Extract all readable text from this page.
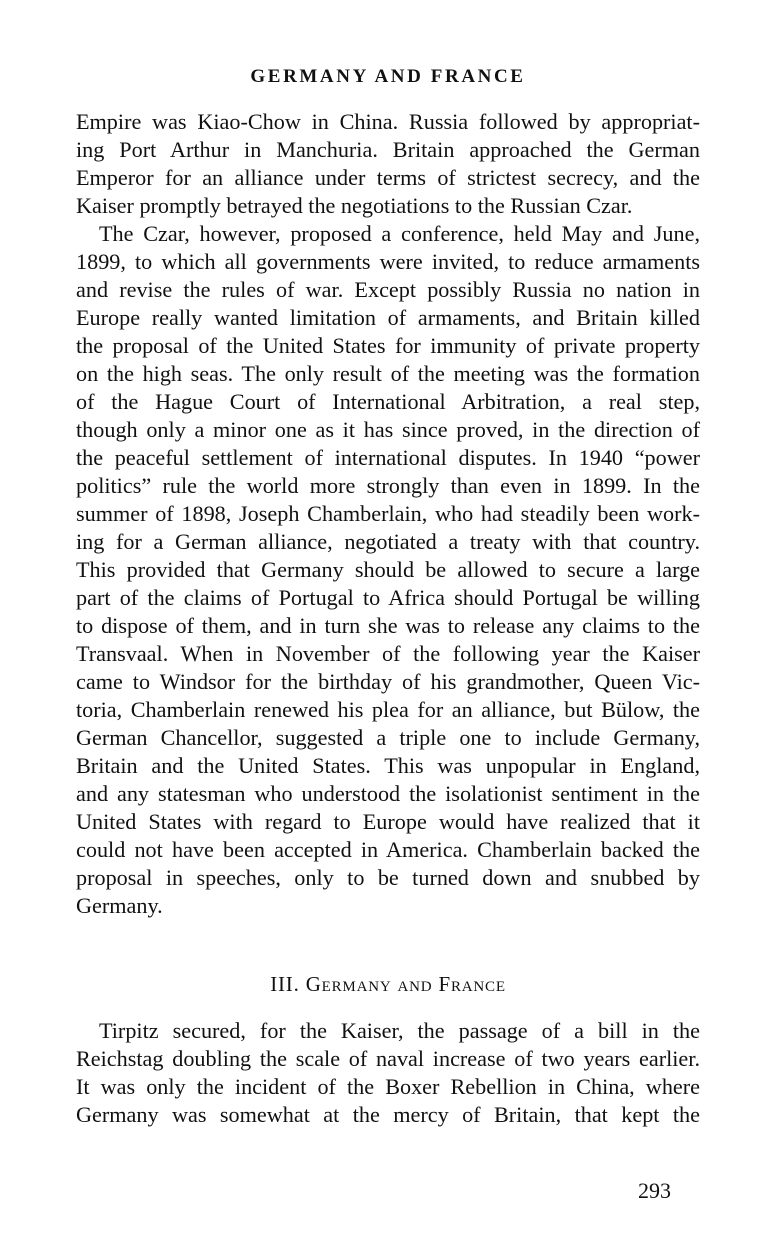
GERMANY AND FRANCE
Empire was Kiao-Chow in China. Russia followed by appropriat-
ing Port Arthur in Manchuria. Britain approached the German
Emperor for an alliance under terms of strictest secrecy, and the
Kaiser promptly betrayed the negotiations to the Russian Czar.
The Czar, however, proposed a conference, held May and June,
1899, to which all governments were invited, to reduce armaments
and revise the rules of war. Except possibly Russia no nation in
Europe really wanted limitation of armaments, and Britain killed
the proposal of the United States for immunity of private property
on the high seas. The only result of the meeting was the formation
of the Hague Court of International Arbitration, a real step,
though only a minor one as it has since proved, in the direction of
the peaceful settlement of international disputes. In 1940 “power
politics” rule the world more strongly than even in 1899. In the
summer of 1898, Joseph Chamberlain, who had steadily been work-
ing for a German alliance, negotiated a treaty with that country.
This provided that Germany should be allowed to secure a large
part of the claims of Portugal to Africa should Portugal be willing
to dispose of them, and in turn she was to release any claims to the
Transvaal. When in November of the following year the Kaiser
came to Windsor for the birthday of his grandmother, Queen Vic-
toria, Chamberlain renewed his plea for an alliance, but Bülow, the
German Chancellor, suggested a triple one to include Germany,
Britain and the United States. This was unpopular in England,
and any statesman who understood the isolationist sentiment in the
United States with regard to Europe would have realized that it
could not have been accepted in America. Chamberlain backed the
proposal in speeches, only to be turned down and snubbed by
Germany.
III. Germany and France
Tirpitz secured, for the Kaiser, the passage of a bill in the
Reichstag doubling the scale of naval increase of two years earlier.
It was only the incident of the Boxer Rebellion in China, where
Germany was somewhat at the mercy of Britain, that kept the
293
